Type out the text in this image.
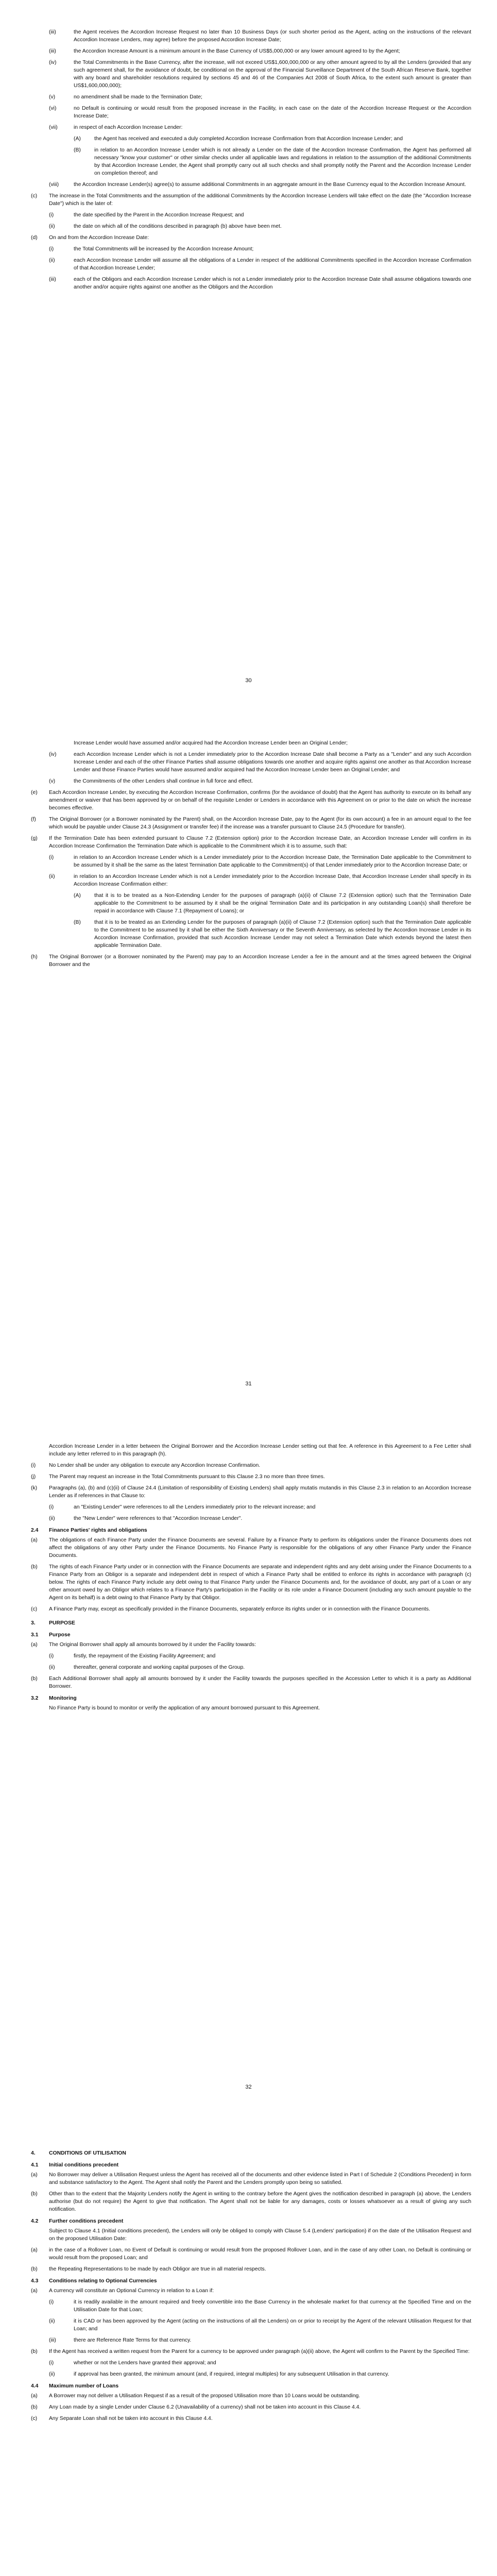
(iii)	the Agent receives the Accordion Increase Request no later than 10 Business Days (or such shorter period as the Agent, acting on the instructions of the relevant Accordion Increase Lenders, may agree) before the proposed Accordion Increase Date;
(iii)	the Accordion Increase Amount is a minimum amount in the Base Currency of US$5,000,000 or any lower amount agreed to by the Agent;
(iv)	the Total Commitments in the Base Currency, after the increase, will not exceed US$1,600,000,000 or any other amount agreed to by all the Lenders (provided that any such agreement shall, for the avoidance of doubt, be conditional on the approval of the Financial Surveillance Department of the South African Reserve Bank, together with any board and shareholder resolutions required by sections 45 and 46 of the Companies Act 2008 of South Africa, to the extent such amount is greater than US$1,600,000,000);
(v)	no amendment shall be made to the Termination Date;
(vi)	no Default is continuing or would result from the proposed increase in the Facility, in each case on the date of the Accordion Increase Request or the Accordion Increase Date;
(vii)	in respect of each Accordion Increase Lender:
(A)	the Agent has received and executed a duly completed Accordion Increase Confirmation from that Accordion Increase Lender; and
(B)	in relation to an Accordion Increase Lender which is not already a Lender on the date of the Accordion Increase Confirmation, the Agent has performed all necessary "know your customer" or other similar checks under all applicable laws and regulations in relation to the assumption of the additional Commitments by that Accordion Increase Lender, the Agent shall promptly carry out all such checks and shall promptly notify the Parent and the Accordion Increase Lender on completion thereof; and
(viii)	the Accordion Increase Lender(s) agree(s) to assume additional Commitments in an aggregate amount in the Base Currency equal to the Accordion Increase Amount.
(c)	The increase in the Total Commitments and the assumption of the additional Commitments by the Accordion Increase Lenders will take effect on the date (the "Accordion Increase Date") which is the later of:
(i)	the date specified by the Parent in the Accordion Increase Request; and
(ii)	the date on which all of the conditions described in paragraph (b) above have been met.
(d)	On and from the Accordion Increase Date:
(i)	the Total Commitments will be increased by the Accordion Increase Amount;
(ii)	each Accordion Increase Lender will assume all the obligations of a Lender in respect of the additional Commitments specified in the Accordion Increase Confirmation of that Accordion Increase Lender;
(iii)	each of the Obligors and each Accordion Increase Lender which is not a Lender immediately prior to the Accordion Increase Date shall assume obligations towards one another and/or acquire rights against one another as the Obligors and the Accordion
30
Increase Lender would have assumed and/or acquired had the Accordion Increase Lender been an Original Lender;
(iv)	each Accordion Increase Lender which is not a Lender immediately prior to the Accordion Increase Date shall become a Party as a "Lender" and any such Accordion Increase Lender and each of the other Finance Parties shall assume obligations towards one another and acquire rights against one another as that Accordion Increase Lender and those Finance Parties would have assumed and/or acquired had the Accordion Increase Lender been an Original Lender; and
(v)	the Commitments of the other Lenders shall continue in full force and effect.
(e)	Each Accordion Increase Lender, by executing the Accordion Increase Confirmation, confirms (for the avoidance of doubt) that the Agent has authority to execute on its behalf any amendment or waiver that has been approved by or on behalf of the requisite Lender or Lenders in accordance with this Agreement on or prior to the date on which the increase becomes effective.
(f)	The Original Borrower (or a Borrower nominated by the Parent) shall, on the Accordion Increase Date, pay to the Agent (for its own account) a fee in an amount equal to the fee which would be payable under Clause 24.3 (Assignment or transfer fee) if the increase was a transfer pursuant to Clause 24.5 (Procedure for transfer).
(g)	If the Termination Date has been extended pursuant to Clause 7.2 (Extension option) prior to the Accordion Increase Date, an Accordion Increase Lender will confirm in its Accordion Increase Confirmation the Termination Date which is applicable to the Commitment which it is to assume, such that:
(i)	in relation to an Accordion Increase Lender which is a Lender immediately prior to the Accordion Increase Date, the Termination Date applicable to the Commitment to be assumed by it shall be the same as the latest Termination Date applicable to the Commitment(s) of that Lender immediately prior to the Accordion Increase Date; or
(ii)	in relation to an Accordion Increase Lender which is not a Lender immediately prior to the Accordion Increase Date, that Accordion Increase Lender shall specify in its Accordion Increase Confirmation either:
(A)	that it is to be treated as a Non-Extending Lender for the purposes of paragraph (a)(ii) of Clause 7.2 (Extension option) such that the Termination Date applicable to the Commitment to be assumed by it shall be the original Termination Date and its participation in any outstanding Loan(s) shall therefore be repaid in accordance with Clause 7.1 (Repayment of Loans); or
(B)	that it is to be treated as an Extending Lender for the purposes of paragraph (a)(ii) of Clause 7.2 (Extension option) such that the Termination Date applicable to the Commitment to be assumed by it shall be either the Sixth Anniversary or the Seventh Anniversary, as selected by the Accordion Increase Lender in its Accordion Increase Confirmation, provided that such Accordion Increase Lender may not select a Termination Date which extends beyond the latest then applicable Termination Date.
(h)	The Original Borrower (or a Borrower nominated by the Parent) may pay to an Accordion Increase Lender a fee in the amount and at the times agreed between the Original Borrower and the
31
Accordion Increase Lender in a letter between the Original Borrower and the Accordion Increase Lender setting out that fee. A reference in this Agreement to a Fee Letter shall include any letter referred to in this paragraph (h).
(i)	No Lender shall be under any obligation to execute any Accordion Increase Confirmation.
(j)	The Parent may request an increase in the Total Commitments pursuant to this Clause 2.3 no more than three times.
(k)	Paragraphs (a), (b) and (c)(ii) of Clause 24.4 (Limitation of responsibility of Existing Lenders) shall apply mutatis mutandis in this Clause 2.3 in relation to an Accordion Increase Lender as if references in that Clause to:
(i)	an "Existing Lender" were references to all the Lenders immediately prior to the relevant increase; and
(ii)	the "New Lender" were references to that "Accordion Increase Lender".
2.4	Finance Parties' rights and obligations
(a)	The obligations of each Finance Party under the Finance Documents are several. Failure by a Finance Party to perform its obligations under the Finance Documents does not affect the obligations of any other Party under the Finance Documents. No Finance Party is responsible for the obligations of any other Finance Party under the Finance Documents.
(b)	The rights of each Finance Party under or in connection with the Finance Documents are separate and independent rights and any debt arising under the Finance Documents to a Finance Party from an Obligor is a separate and independent debt in respect of which a Finance Party shall be entitled to enforce its rights in accordance with paragraph (c) below. The rights of each Finance Party include any debt owing to that Finance Party under the Finance Documents and, for the avoidance of doubt, any part of a Loan or any other amount owed by an Obligor which relates to a Finance Party's participation in the Facility or its role under a Finance Document (including any such amount payable to the Agent on its behalf) is a debt owing to that Finance Party by that Obligor.
(c)	A Finance Party may, except as specifically provided in the Finance Documents, separately enforce its rights under or in connection with the Finance Documents.
3.	PURPOSE
3.1	Purpose
(a)	The Original Borrower shall apply all amounts borrowed by it under the Facility towards:
(i)	firstly, the repayment of the Existing Facility Agreement; and
(ii)	thereafter, general corporate and working capital purposes of the Group.
(b)	Each Additional Borrower shall apply all amounts borrowed by it under the Facility towards the purposes specified in the Accession Letter to which it is a party as Additional Borrower.
3.2	Monitoring
No Finance Party is bound to monitor or verify the application of any amount borrowed pursuant to this Agreement.
32
4.	CONDITIONS OF UTILISATION
4.1	Initial conditions precedent
(a)	No Borrower may deliver a Utilisation Request unless the Agent has received all of the documents and other evidence listed in Part I of Schedule 2 (Conditions Precedent) in form and substance satisfactory to the Agent. The Agent shall notify the Parent and the Lenders promptly upon being so satisfied.
(b)	Other than to the extent that the Majority Lenders notify the Agent in writing to the contrary before the Agent gives the notification described in paragraph (a) above, the Lenders authorise (but do not require) the Agent to give that notification. The Agent shall not be liable for any damages, costs or losses whatsoever as a result of giving any such notification.
4.2	Further conditions precedent
Subject to Clause 4.1 (Initial conditions precedent), the Lenders will only be obliged to comply with Clause 5.4 (Lenders' participation) if on the date of the Utilisation Request and on the proposed Utilisation Date:
(a)	in the case of a Rollover Loan, no Event of Default is continuing or would result from the proposed Rollover Loan, and in the case of any other Loan, no Default is continuing or would result from the proposed Loan; and
(b)	the Repeating Representations to be made by each Obligor are true in all material respects.
4.3	Conditions relating to Optional Currencies
(a)	A currency will constitute an Optional Currency in relation to a Loan if:
(i)	it is readily available in the amount required and freely convertible into the Base Currency in the wholesale market for that currency at the Specified Time and on the Utilisation Date for that Loan;
(ii)	it is CAD or has been approved by the Agent (acting on the instructions of all the Lenders) on or prior to receipt by the Agent of the relevant Utilisation Request for that Loan; and
(iii)	there are Reference Rate Terms for that currency.
(b)	If the Agent has received a written request from the Parent for a currency to be approved under paragraph (a)(ii) above, the Agent will confirm to the Parent by the Specified Time:
(i)	whether or not the Lenders have granted their approval; and
(ii)	if approval has been granted, the minimum amount (and, if required, integral multiples) for any subsequent Utilisation in that currency.
4.4	Maximum number of Loans
(a)	A Borrower may not deliver a Utilisation Request if as a result of the proposed Utilisation more than 10 Loans would be outstanding.
(b)	Any Loan made by a single Lender under Clause 6.2 (Unavailability of a currency) shall not be taken into account in this Clause 4.4.
(c)	Any Separate Loan shall not be taken into account in this Clause 4.4.
